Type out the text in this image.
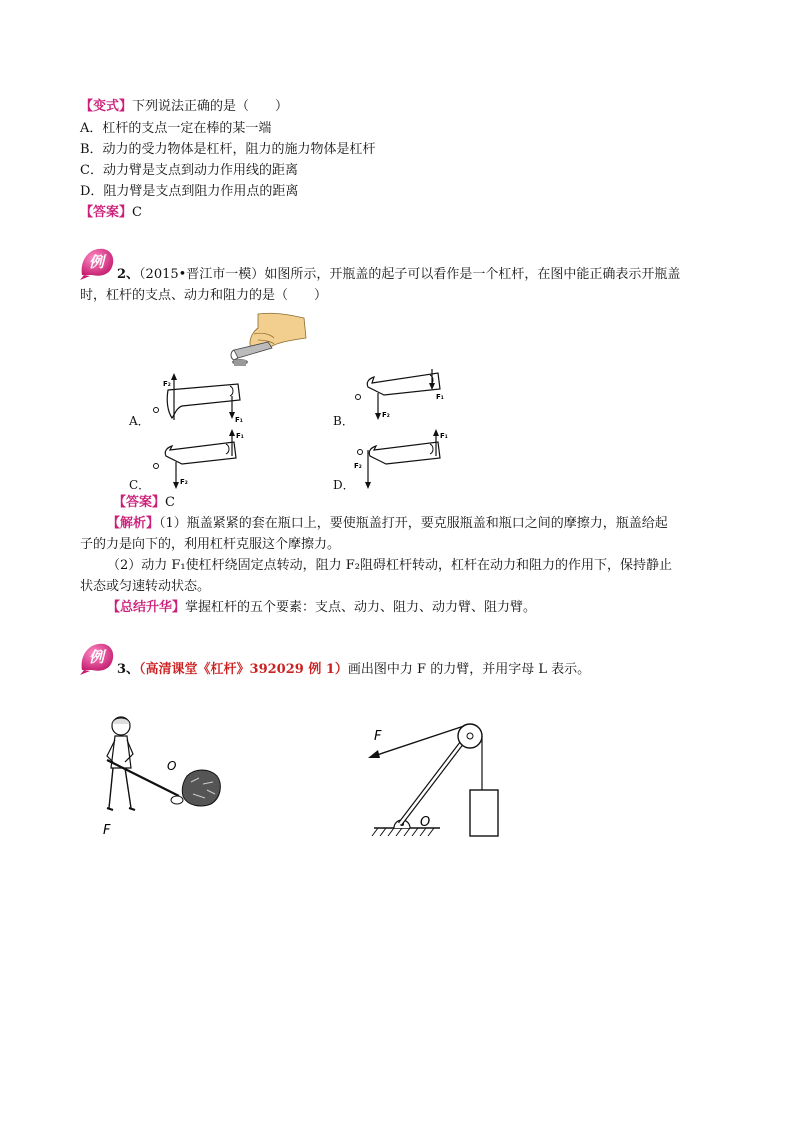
【变式】下列说法正确的是（　　）
A．杠杆的支点一定在棒的某一端
B．动力的受力物体是杠杆，阻力的施力物体是杠杆
C．动力臂是支点到动力作用线的距离
D．阻力臂是支点到阻力作用点的距离
【答案】C
例
2、（2015•晋江市一模）如图所示，开瓶盖的起子可以看作是一个杠杆，在图中能正确表示开瓶盖
时，杠杆的支点、动力和阻力的是（　　）
A．
F₂
F₁	B．	F₂
F₁
C．	F₂
F₁
D．
F₂
F₁
【答案】C
【解析】（1）瓶盖紧紧的套在瓶口上，要使瓶盖打开，要克服瓶盖和瓶口之间的摩擦力，瓶盖给起
子的力是向下的，利用杠杆克服这个摩擦力。
（2）动力 F₁使杠杆绕固定点转动，阻力 F₂阻碍杠杆转动，杠杆在动力和阻力的作用下，保持静止
状态或匀速转动状态。
【总结升华】掌握杠杆的五个要素：支点、动力、阻力、动力臂、阻力臂。
例
3、（高清课堂《杠杆》392029 例 1）画出图中力 F 的力臂，并用字母 L 表示。
O
F
F
O
